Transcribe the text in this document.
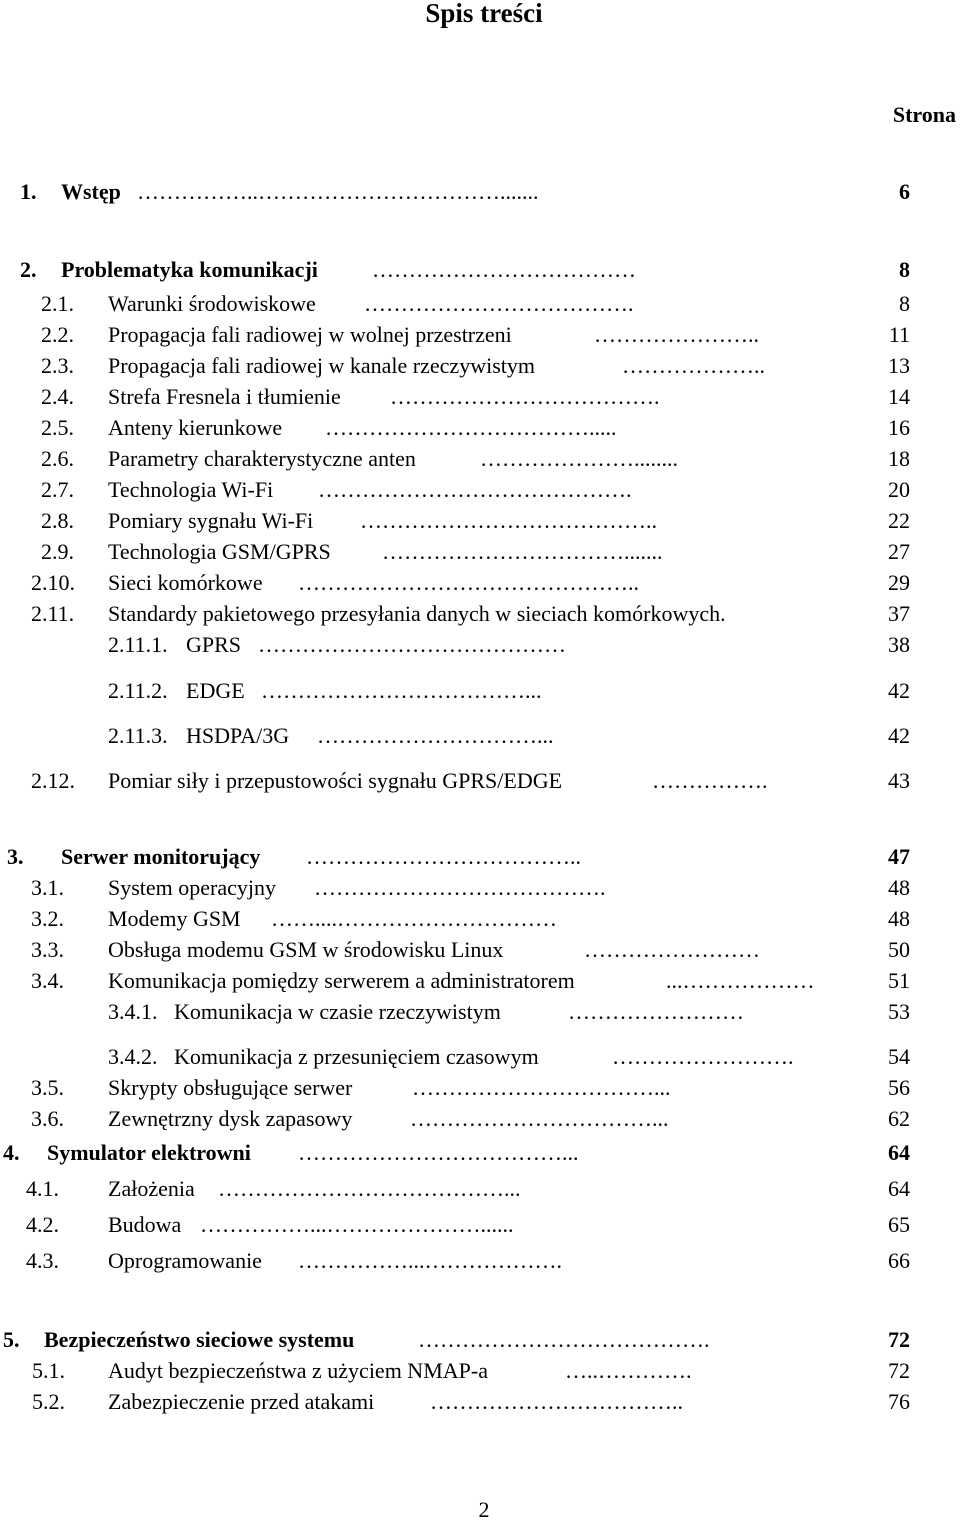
Spis treści
Strona
1. Wstęp ……………..…………………………….......	6
2. Problematyka komunikacji ………………………………	8
2.1. Warunki środowiskowe ……………………………….	8
2.2. Propagacja fali radiowej w wolnej przestrzeni	…………………..	11
2.3. Propagacja fali radiowej w kanale rzeczywistym	………………..	13
2.4. Strefa Fresnela i tłumienie ……………………………….	14
2.5. Anteny kierunkowe ……………………………….....	16
2.6. Parametry charakterystyczne anten	…………………........	18
2.7. Technologia Wi-Fi …………………………………….	20
2.8. Pomiary sygnału Wi-Fi …………………………………..	22
2.9. Technologia GSM/GPRS …………………………….......	27
2.10. Sieci komórkowe ………………………………………..	29
2.11. Standardy pakietowego przesyłania danych w sieciach komórkowych.	37
2.11.1. GPRS ……………………………………	38
2.11.2. EDGE ………………………………...	42
2.11.3. HSDPA/3G …………………………...	42
2.12. Pomiar siły i przepustowości sygnału GPRS/EDGE	…………….	43
3. Serwer monitorujący ………………………………..	47
3.1. System operacyjny ………………………………….	48
3.2. Modemy GSM ……....…………………………	48
3.3. Obsługa modemu GSM w środowisku Linux	……………………	50
3.4. Komunikacja pomiędzy serwerem a administratorem	...………………	51
3.4.1. Komunikacja w czasie rzeczywistym	……………………	53
3.4.2. Komunikacja z przesunięciem czasowym	…………………….	54
3.5. Skrypty obsługujące serwer	……………………………...	56
3.6. Zewnętrzny dysk zapasowy	……………………………...	62
4. Symulator elektrowni ………………………………...	64
4.1. Założenia …………………………………...	64
4.2. Budowa ……………...…………………......	65
4.3. Oprogramowanie ……………...……………….	66
5. Bezpieczeństwo sieciowe systemu	………………………………….	72
5.1. Audyt bezpieczeństwa z użyciem NMAP-a	…..………….	72
5.2. Zabezpieczenie przed atakami	……………………………..	76
2
